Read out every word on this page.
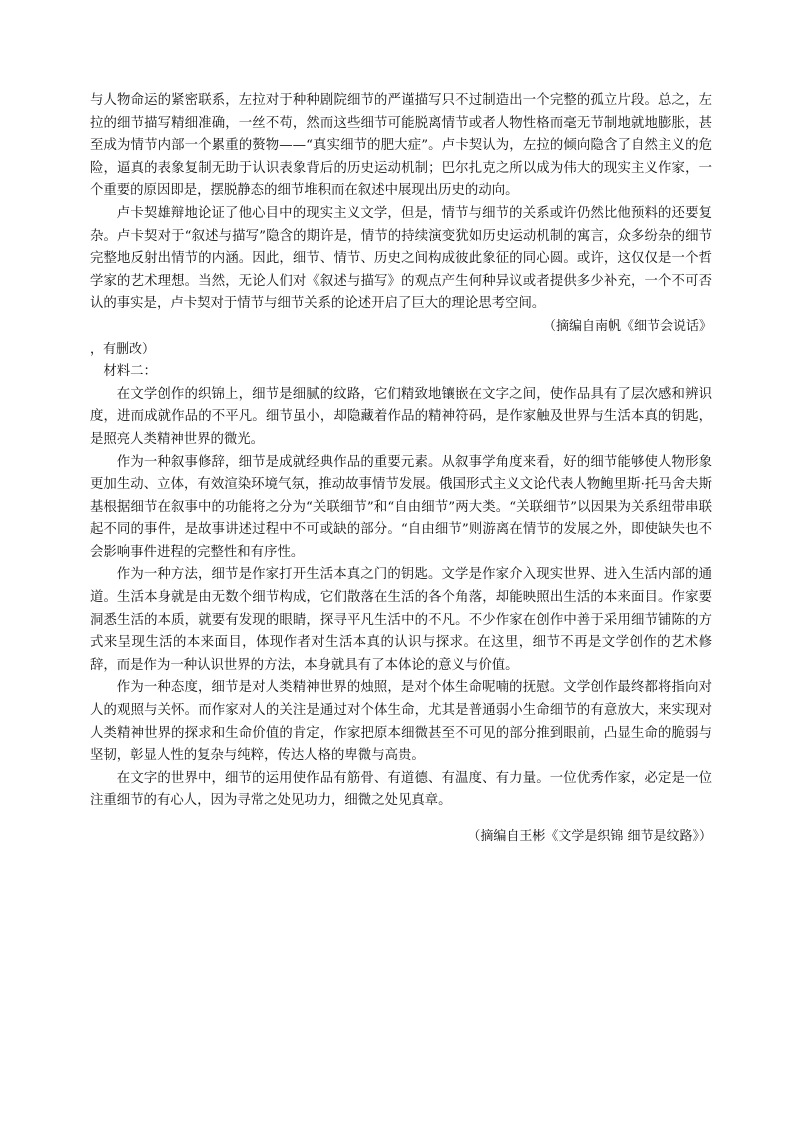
与人物命运的紧密联系，左拉对于种种剧院细节的严谨描写只不过制造出一个完整的孤立片段。总之，左拉的细节描写精细准确，一丝不苟，然而这些细节可能脱离情节或者人物性格而毫无节制地就地膨胀，甚至成为情节内部一个累重的赘物——“真实细节的肥大症”。卢卡契认为，左拉的倾向隐含了自然主义的危险，逼真的表象复制无助于认识表象背后的历史运动机制；巴尔扎克之所以成为伟大的现实主义作家，一个重要的原因即是，摆脱静态的细节堆积而在叙述中展现出历史的动向。

卢卡契雄辩地论证了他心目中的现实主义文学，但是，情节与细节的关系或许仍然比他预料的还要复杂。卢卡契对于“叙述与描写”隐含的期许是，情节的持续演变犹如历史运动机制的寓言，众多纷杂的细节完整地反射出情节的内涵。因此，细节、情节、历史之间构成彼此象征的同心圆。或许，这仅仅是一个哲学家的艺术理想。当然，无论人们对《叙述与描写》的观点产生何种异议或者提供多少补充，一个不可否认的事实是，卢卡契对于情节与细节关系的论述开启了巨大的理论思考空间。
（摘编自南帆《细节会说话》

，有删改）

材料二：

在文学创作的织锦上，细节是细腻的纹路，它们精致地镶嵌在文字之间，使作品具有了层次感和辨识度，进而成就作品的不平凡。细节虽小，却隐藏着作品的精神符码，是作家触及世界与生活本真的钥匙，是照亮人类精神世界的微光。

作为一种叙事修辞，细节是成就经典作品的重要元素。从叙事学角度来看，好的细节能够使人物形象更加生动、立体，有效渲染环境气氛，推动故事情节发展。俄国形式主义文论代表人物鲍里斯·托马舍夫斯基根据细节在叙事中的功能将之分为“关联细节”和“自由细节”两大类。“关联细节”以因果为关系纽带串联起不同的事件，是故事讲述过程中不可或缺的部分。“自由细节”则游离在情节的发展之外，即使缺失也不会影响事件进程的完整性和有序性。

作为一种方法，细节是作家打开生活本真之门的钥匙。文学是作家介入现实世界、进入生活内部的通道。生活本身就是由无数个细节构成，它们散落在生活的各个角落，却能映照出生活的本来面目。作家要洞悉生活的本质，就要有发现的眼睛，探寻平凡生活中的不凡。不少作家在创作中善于采用细节铺陈的方式来呈现生活的本来面目，体现作者对生活本真的认识与探求。在这里，细节不再是文学创作的艺术修辞，而是作为一种认识世界的方法，本身就具有了本体论的意义与价值。

作为一种态度，细节是对人类精神世界的烛照，是对个体生命呢喃的抚慰。文学创作最终都将指向对人的观照与关怀。而作家对人的关注是通过对个体生命，尤其是普通弱小生命细节的有意放大，来实现对人类精神世界的探求和生命价值的肯定，作家把原本细微甚至不可见的部分推到眼前，凸显生命的脆弱与坚韧，彰显人性的复杂与纯粹，传达人格的卑微与高贵。

在文字的世界中，细节的运用使作品有筋骨、有道德、有温度、有力量。一位优秀作家，必定是一位注重细节的有心人，因为寻常之处见功力，细微之处见真章。

（摘编自王彬《文学是织锦 细节是纹路》）
